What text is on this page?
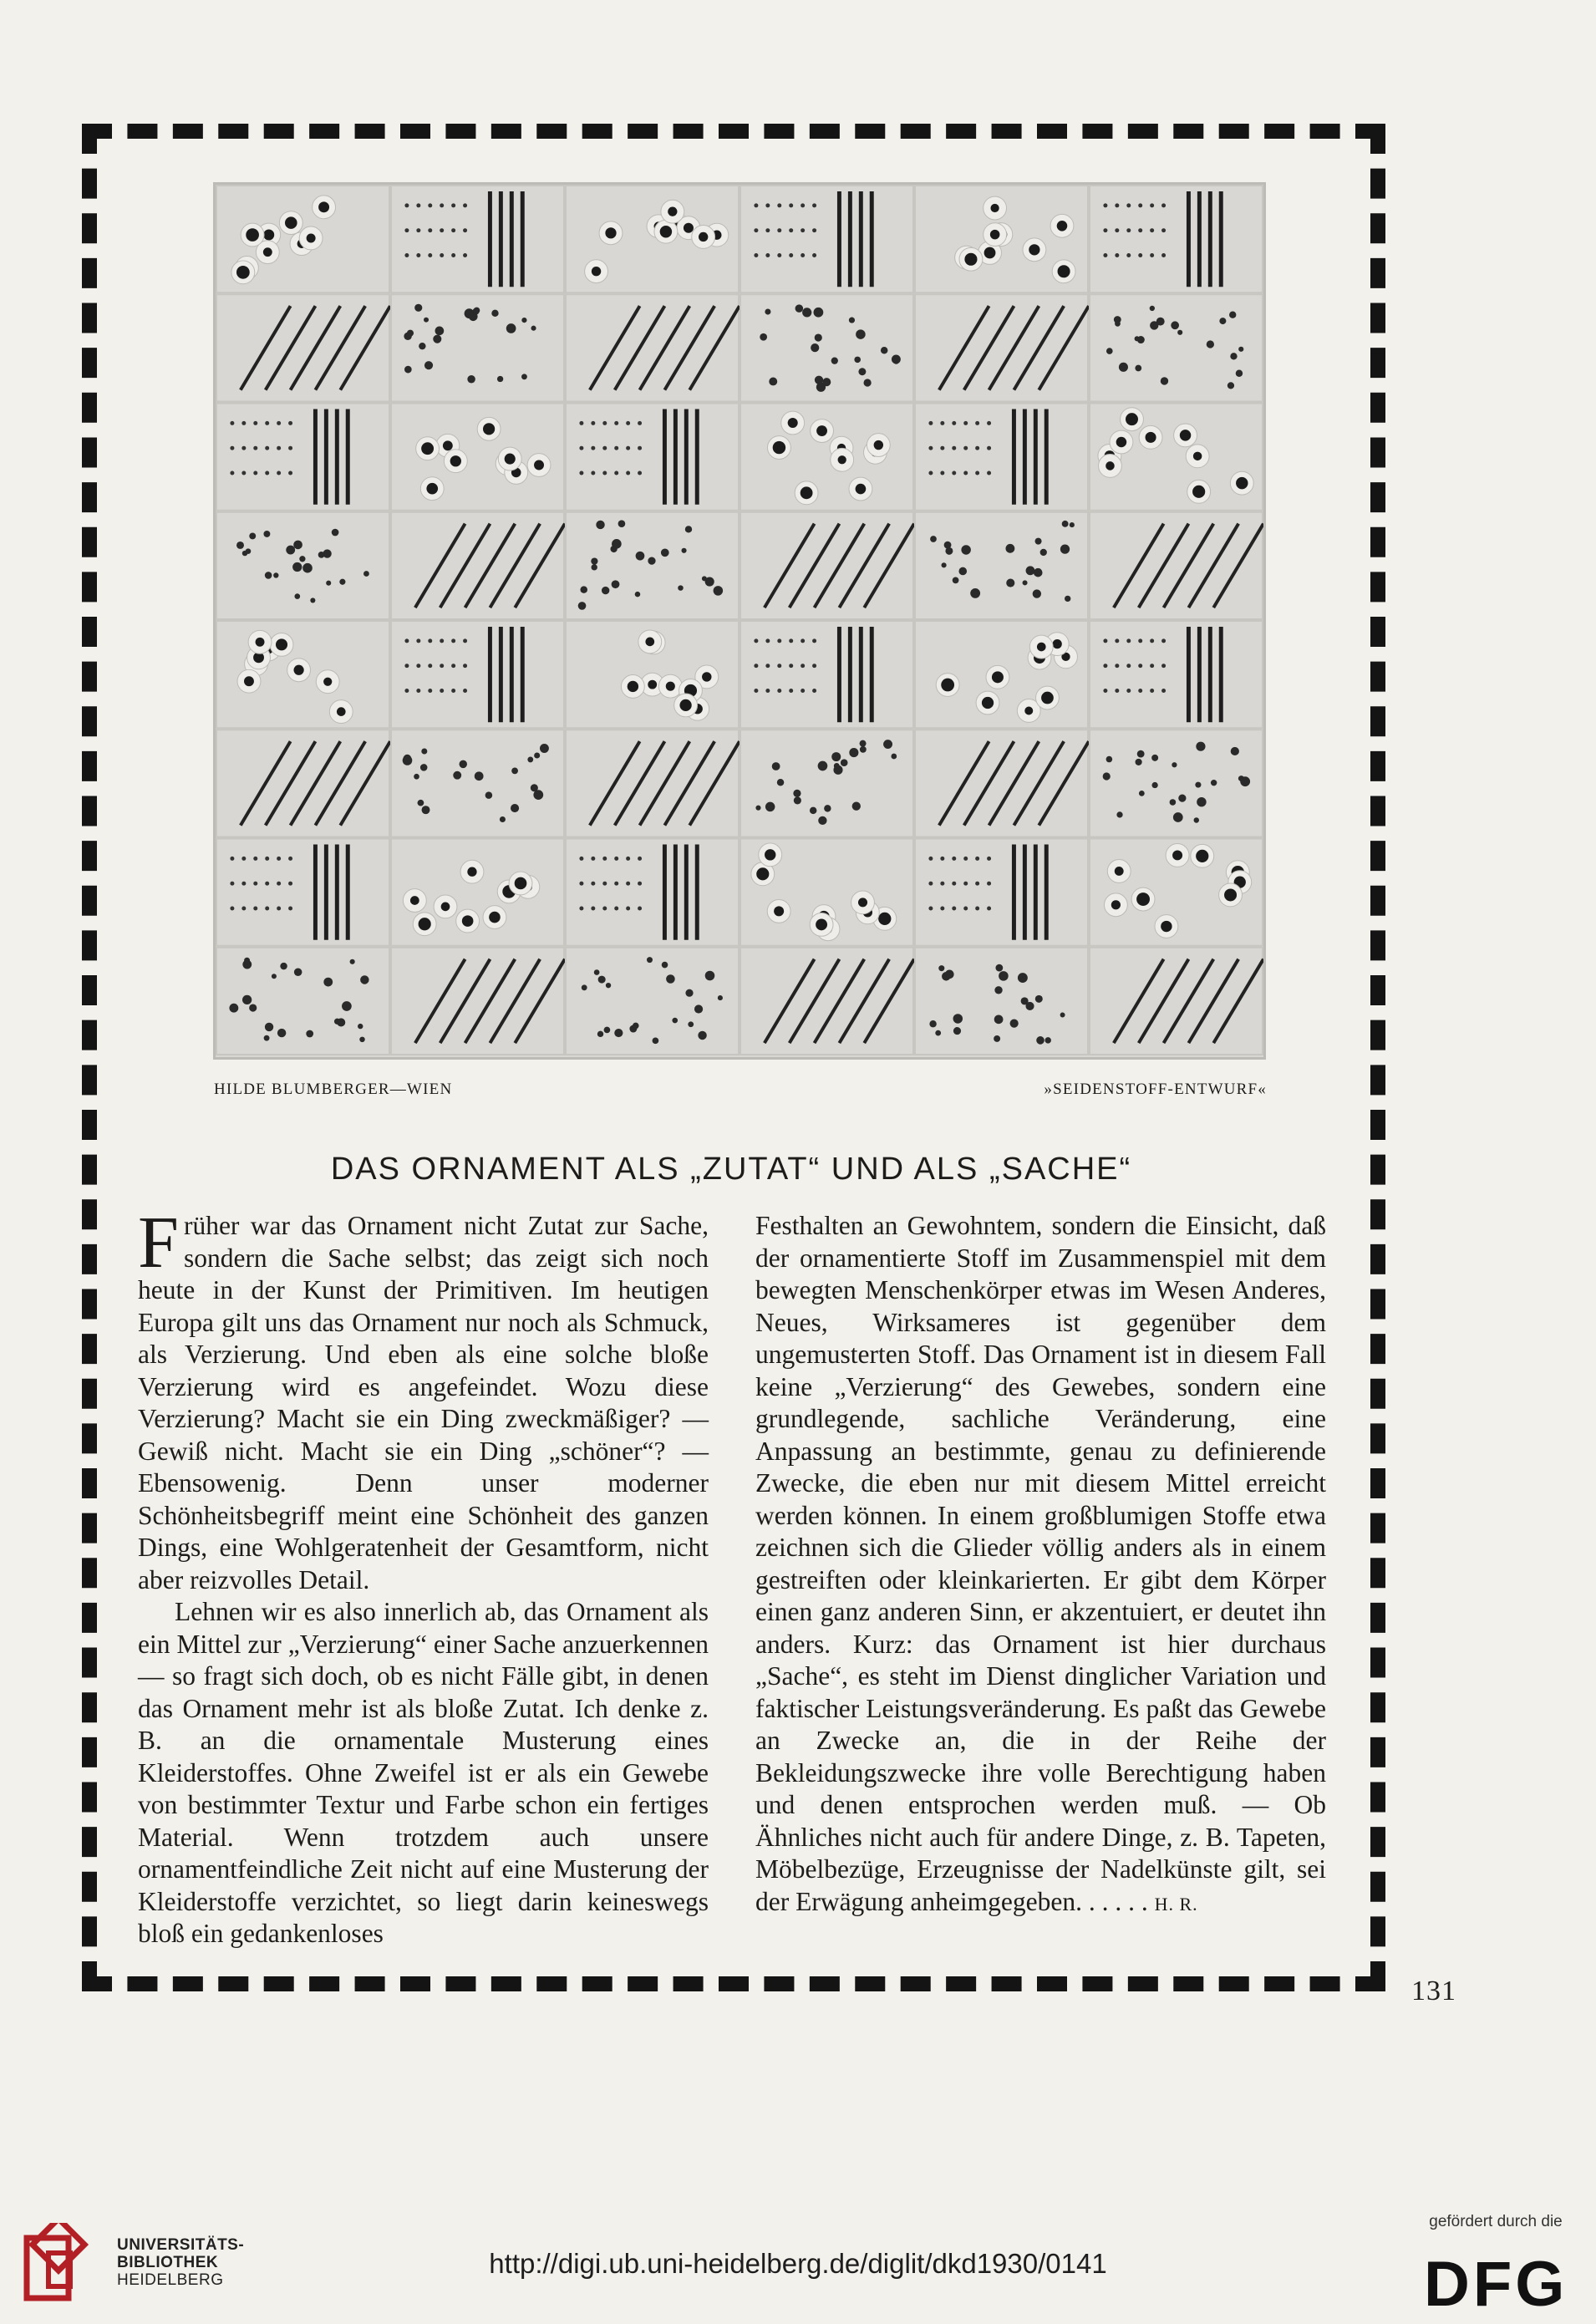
HILDE BLUMBERGER—WIEN	»SEIDENSTOFF-ENTWURF«
DAS ORNAMENT ALS „ZUTAT“ UND ALS „SACHE“

Früher war das Ornament nicht Zutat zur Sache, sondern die Sache selbst; das zeigt sich noch heute in der Kunst der Primitiven. Im heutigen Europa gilt uns das Ornament nur noch als Schmuck, als Verzierung. Und eben als eine solche bloße Verzierung wird es angefeindet. Wozu diese Verzierung? Macht sie ein Ding zweckmäßiger? — Gewiß nicht. Macht sie ein Ding „schöner“? — Ebensowenig. Denn unser moderner Schönheitsbegriff meint eine Schönheit des ganzen Dings, eine Wohlgeratenheit der Gesamtform, nicht aber reizvolles Detail.

Lehnen wir es also innerlich ab, das Ornament als ein Mittel zur „Verzierung“ einer Sache anzuerkennen — so fragt sich doch, ob es nicht Fälle gibt, in denen das Ornament mehr ist als bloße Zutat. Ich denke z. B. an die ornamentale Musterung eines Kleiderstoffes. Ohne Zweifel ist er als ein Gewebe von bestimmter Textur und Farbe schon ein fertiges Material. Wenn trotzdem auch unsere ornamentfeindliche Zeit nicht auf eine Musterung der Kleiderstoffe verzichtet, so liegt darin keineswegs bloß ein gedankenloses

Festhalten an Gewohntem, sondern die Einsicht, daß der ornamentierte Stoff im Zusammenspiel mit dem bewegten Menschenkörper etwas im Wesen Anderes, Neues, Wirksameres ist gegenüber dem ungemusterten Stoff. Das Ornament ist in diesem Fall keine „Verzierung“ des Gewebes, sondern eine grundlegende, sachliche Veränderung, eine Anpassung an bestimmte, genau zu definierende Zwecke, die eben nur mit diesem Mittel erreicht werden können. In einem großblumigen Stoffe etwa zeichnen sich die Glieder völlig anders als in einem gestreiften oder kleinkarierten. Er gibt dem Körper einen ganz anderen Sinn, er akzentuiert, er deutet ihn anders. Kurz: das Ornament ist hier durchaus „Sache“, es steht im Dienst dinglicher Variation und faktischer Leistungsveränderung. Es paßt das Gewebe an Zwecke an, die in der Reihe der Bekleidungszwecke ihre volle Berechtigung haben und denen entsprochen werden muß. — Ob Ähnliches nicht auch für andere Dinge, z. B. Tapeten, Möbelbezüge, Erzeugnisse der Nadelkünste gilt, sei der Erwägung anheimgegeben. . . . . . H. R.

131
UNIVERSITÄTS-
BIBLIOTHEK
HEIDELBERG
http://digi.ub.uni-heidelberg.de/diglit/dkd1930/0141
gefördert durch die
DFG
